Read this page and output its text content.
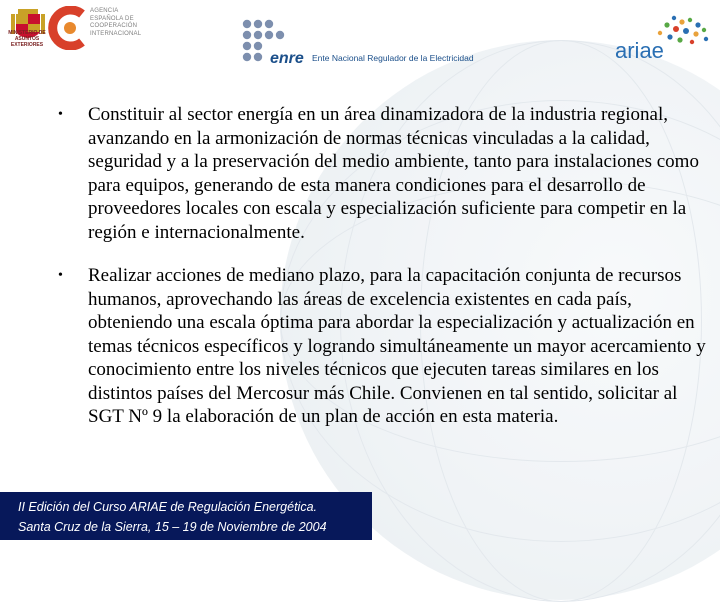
MINISTERIO DE ASUNTOS EXTERIORES
AGENCIA
ESPAÑOLA DE
COOPERACIÓN
INTERNACIONAL
enre Ente Nacional Regulador de la Electricidad	ariae
• Constituir al sector energía en un área dinamizadora de la industria regional, avanzando en la armonización de normas técnicas vinculadas a la calidad, seguridad y a la preservación del medio ambiente, tanto para instalaciones como para equipos, generando de esta manera condiciones para el desarrollo de proveedores locales con escala y especialización suficiente para competir en la región e internacionalmente.

• Realizar acciones de mediano plazo, para la capacitación conjunta de recursos humanos, aprovechando las áreas de excelencia existentes en cada país, obteniendo una escala óptima para abordar la especialización y actualización en temas técnicos específicos y logrando simultáneamente un mayor acercamiento y conocimiento entre los niveles técnicos que ejecuten tareas similares en los distintos países del Mercosur más Chile. Convienen en tal sentido, solicitar al SGT Nº 9 la elaboración de un plan de acción en esta materia.

II Edición del Curso ARIAE de Regulación Energética.
Santa Cruz de la Sierra, 15 – 19 de Noviembre de 2004
